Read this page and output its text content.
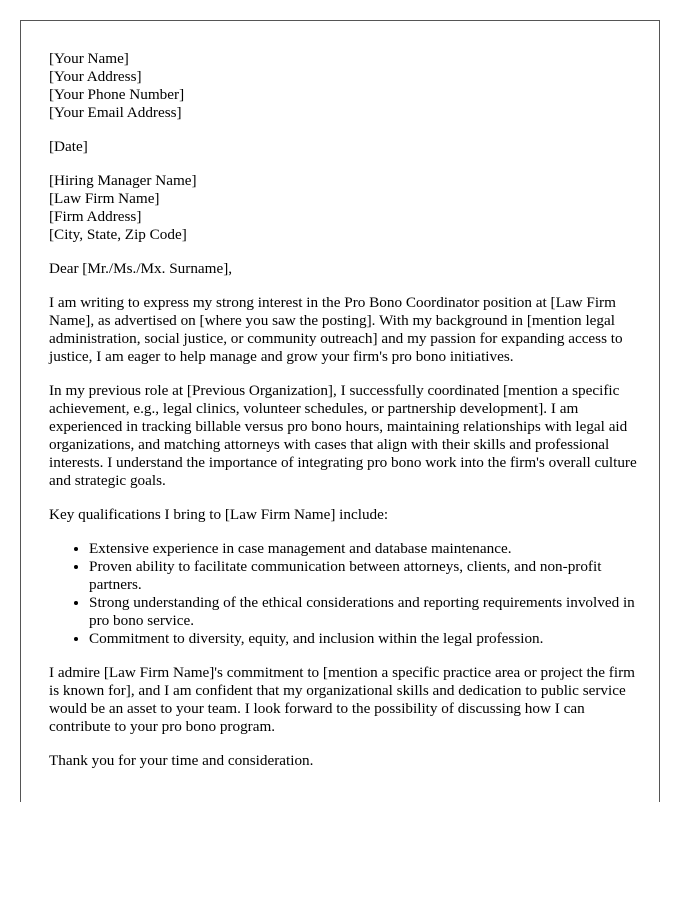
[Your Name]
[Your Address]
[Your Phone Number]
[Your Email Address]
[Date]
[Hiring Manager Name]
[Law Firm Name]
[Firm Address]
[City, State, Zip Code]

Dear [Mr./Ms./Mx. Surname],

I am writing to express my strong interest in the Pro Bono Coordinator position at [Law Firm Name], as advertised on [where you saw the posting]. With my background in [mention legal administration, social justice, or community outreach] and my passion for expanding access to justice, I am eager to help manage and grow your firm's pro bono initiatives.

In my previous role at [Previous Organization], I successfully coordinated [mention a specific achievement, e.g., legal clinics, volunteer schedules, or partnership development]. I am experienced in tracking billable versus pro bono hours, maintaining relationships with legal aid organizations, and matching attorneys with cases that align with their skills and professional interests. I understand the importance of integrating pro bono work into the firm's overall culture and strategic goals.

Key qualifications I bring to [Law Firm Name] include:

• Extensive experience in case management and database maintenance.
• Proven ability to facilitate communication between attorneys, clients, and non-profit partners.
• Strong understanding of the ethical considerations and reporting requirements involved in pro bono service.
• Commitment to diversity, equity, and inclusion within the legal profession.

I admire [Law Firm Name]'s commitment to [mention a specific practice area or project the firm is known for], and I am confident that my organizational skills and dedication to public service would be an asset to your team. I look forward to the possibility of discussing how I can contribute to your pro bono program.

Thank you for your time and consideration.
